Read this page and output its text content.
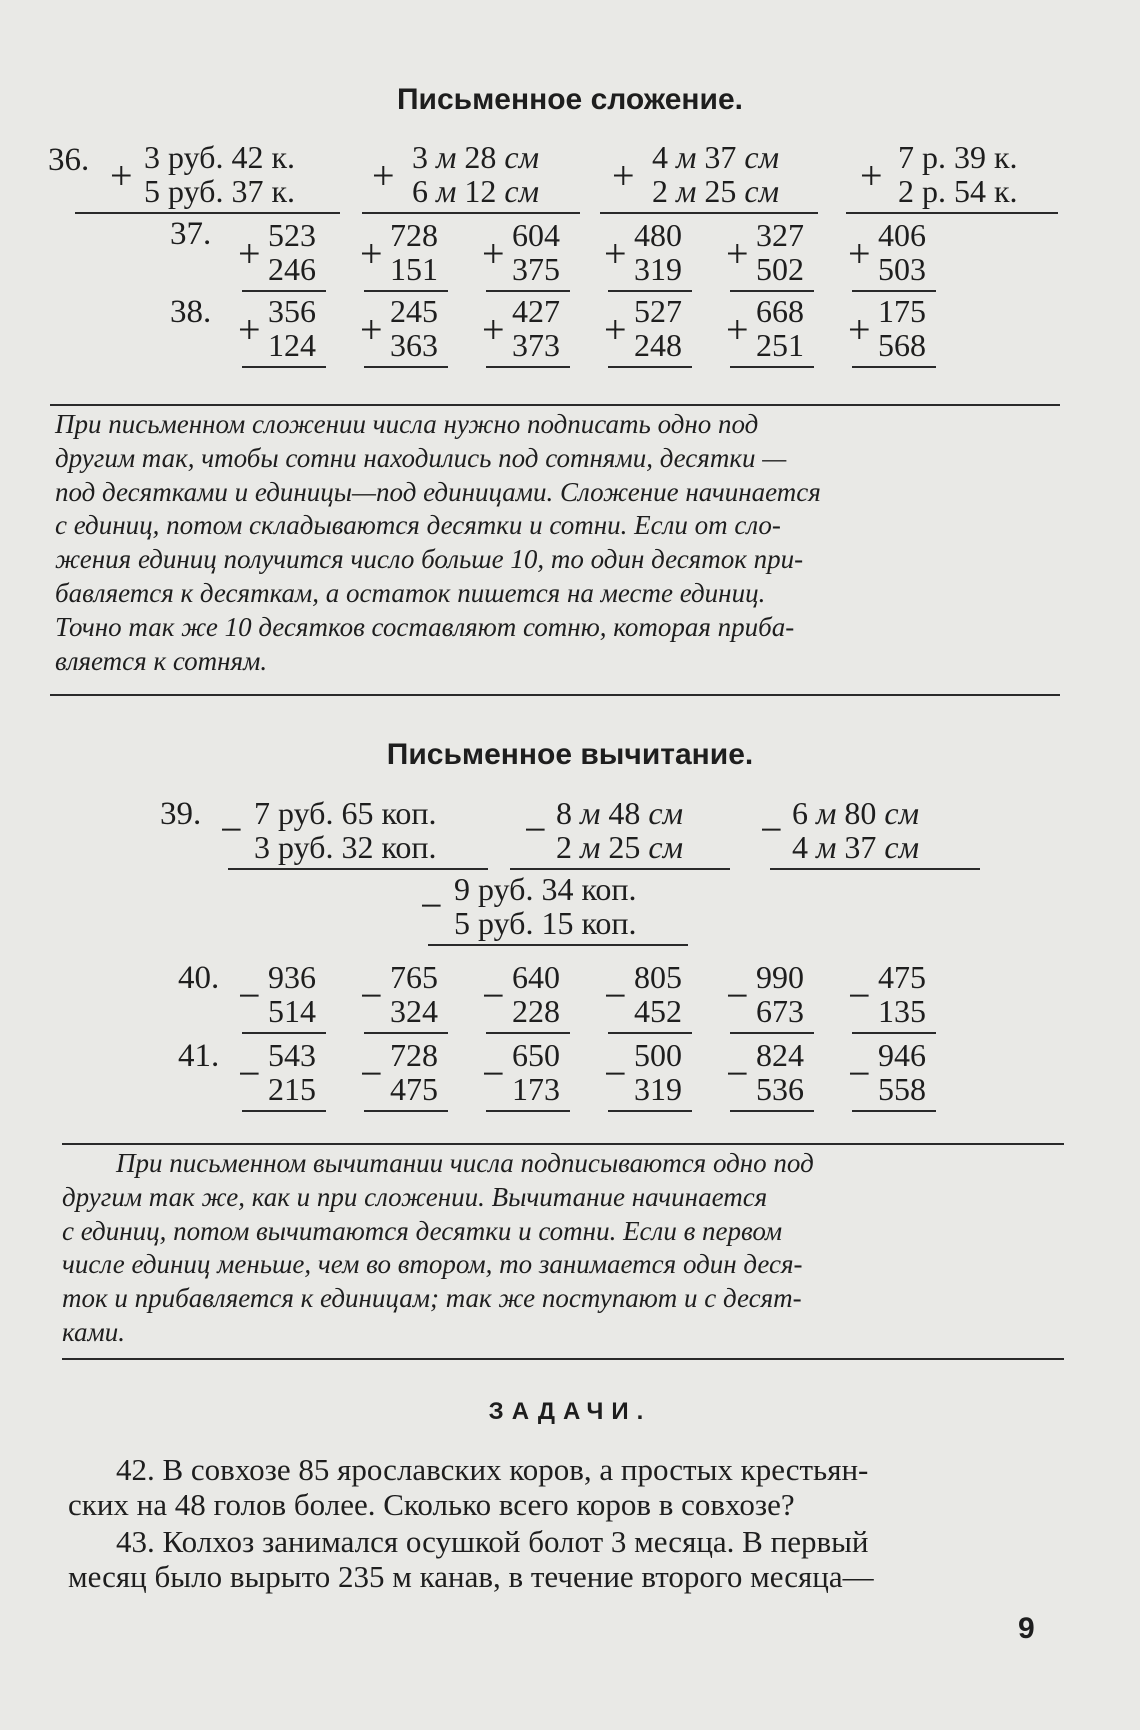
Письменное сложение.
36. + 3 руб. 42 к.
5 руб. 37 к. + 3 м 28 см
6 м 12 см + 4 м 37 см
2 м 25 см + 7 р. 39 к.
2 р. 54 к.
37.
38.
+ 523
246 + 728
151 + 604
375 + 480
319 + 327
502 + 406
503
+ 356
124 + 245
363 + 427
373 + 527
248 + 668
251 + 175
568

При письменном сложении числа нужно подписать одно под

другим так, чтобы сотни находились под сотнями, десятки —

под десятками и единицы—под единицами. Сложение начинается

с единиц, потом складываются десятки и сотни. Если от сло-

жения единиц получится число больше 10, то один десяток при-

бавляется к десяткам, а остаток пишется на месте единиц.

Точно так же 10 десятков составляют сотню, которая приба-

вляется к сотням.

Письменное вычитание.
39. − 7 руб. 65 коп.
3 руб. 32 коп. − 8 м 48 см
2 м 25 см − 6 м 80 см
4 м 37 см
− 9 руб. 34 коп.
5 руб. 15 коп.
40.
41.
− 936
514 − 765
324 − 640
228 − 805
452 − 990
673 − 475
135
− 543
215 − 728
475 − 650
173 − 500
319 − 824
536 − 946
558

При письменном вычитании числа подписываются одно под

другим так же, как и при сложении. Вычитание начинается

с единиц, потом вычитаются десятки и сотни. Если в первом

числе единиц меньше, чем во втором, то занимается один деся-

ток и прибавляется к единицам; так же поступают и с десят-

ками.

ЗАДАЧИ.

42. В совхозе 85 ярославских коров, а простых крестьян-

ских на 48 голов более. Сколько всего коров в совхозе?

43. Колхоз занимался осушкой болот 3 месяца. В первый

месяц было вырыто 235 м канав, в течение второго месяца—

9
